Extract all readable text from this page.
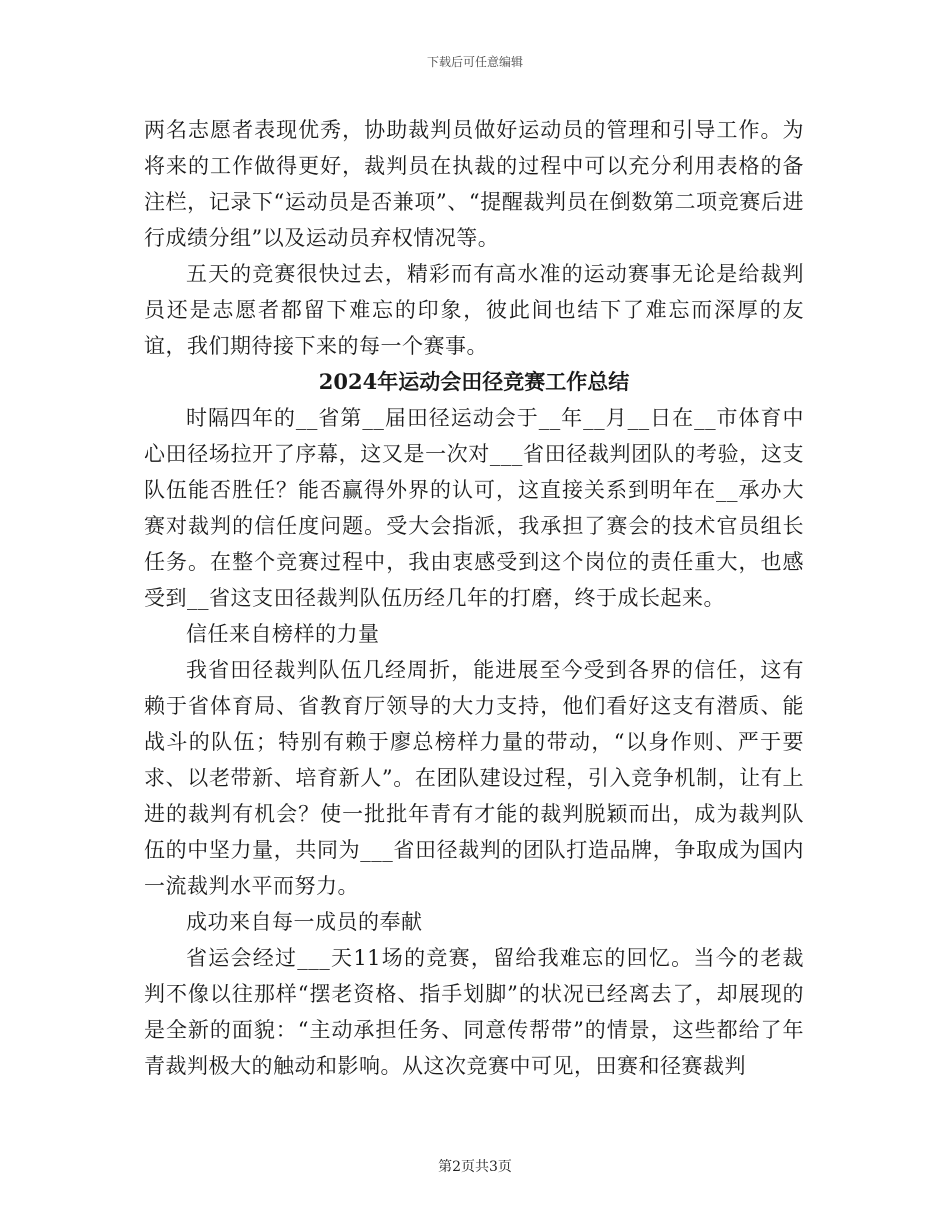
下载后可任意编辑

两名志愿者表现优秀，协助裁判员做好运动员的管理和引导工作。为将来的工作做得更好，裁判员在执裁的过程中可以充分利用表格的备注栏，记录下“运动员是否兼项”、“提醒裁判员在倒数第二项竞赛后进行成绩分组”以及运动员弃权情况等。

五天的竞赛很快过去，精彩而有高水准的运动赛事无论是给裁判员还是志愿者都留下难忘的印象，彼此间也结下了难忘而深厚的友谊，我们期待接下来的每一个赛事。

2024年运动会田径竞赛工作总结

时隔四年的__省第__届田径运动会于__年__月__日在__市体育中心田径场拉开了序幕，这又是一次对___省田径裁判团队的考验，这支队伍能否胜任？能否赢得外界的认可，这直接关系到明年在__承办大赛对裁判的信任度问题。受大会指派，我承担了赛会的技术官员组长任务。在整个竞赛过程中，我由衷感受到这个岗位的责任重大，也感受到__省这支田径裁判队伍历经几年的打磨，终于成长起来。

信任来自榜样的力量

我省田径裁判队伍几经周折，能进展至今受到各界的信任，这有赖于省体育局、省教育厅领导的大力支持，他们看好这支有潜质、能战斗的队伍；特别有赖于廖总榜样力量的带动，“以身作则、严于要求、以老带新、培育新人”。在团队建设过程，引入竞争机制，让有上进的裁判有机会？使一批批年青有才能的裁判脱颖而出，成为裁判队伍的中坚力量，共同为___省田径裁判的团队打造品牌，争取成为国内一流裁判水平而努力。

成功来自每一成员的奉献

省运会经过___天11场的竞赛，留给我难忘的回忆。当今的老裁判不像以往那样“摆老资格、指手划脚”的状况已经离去了，却展现的是全新的面貌：“主动承担任务、同意传帮带”的情景，这些都给了年青裁判极大的触动和影响。从这次竞赛中可见，田赛和径赛裁判

第2页共3页
